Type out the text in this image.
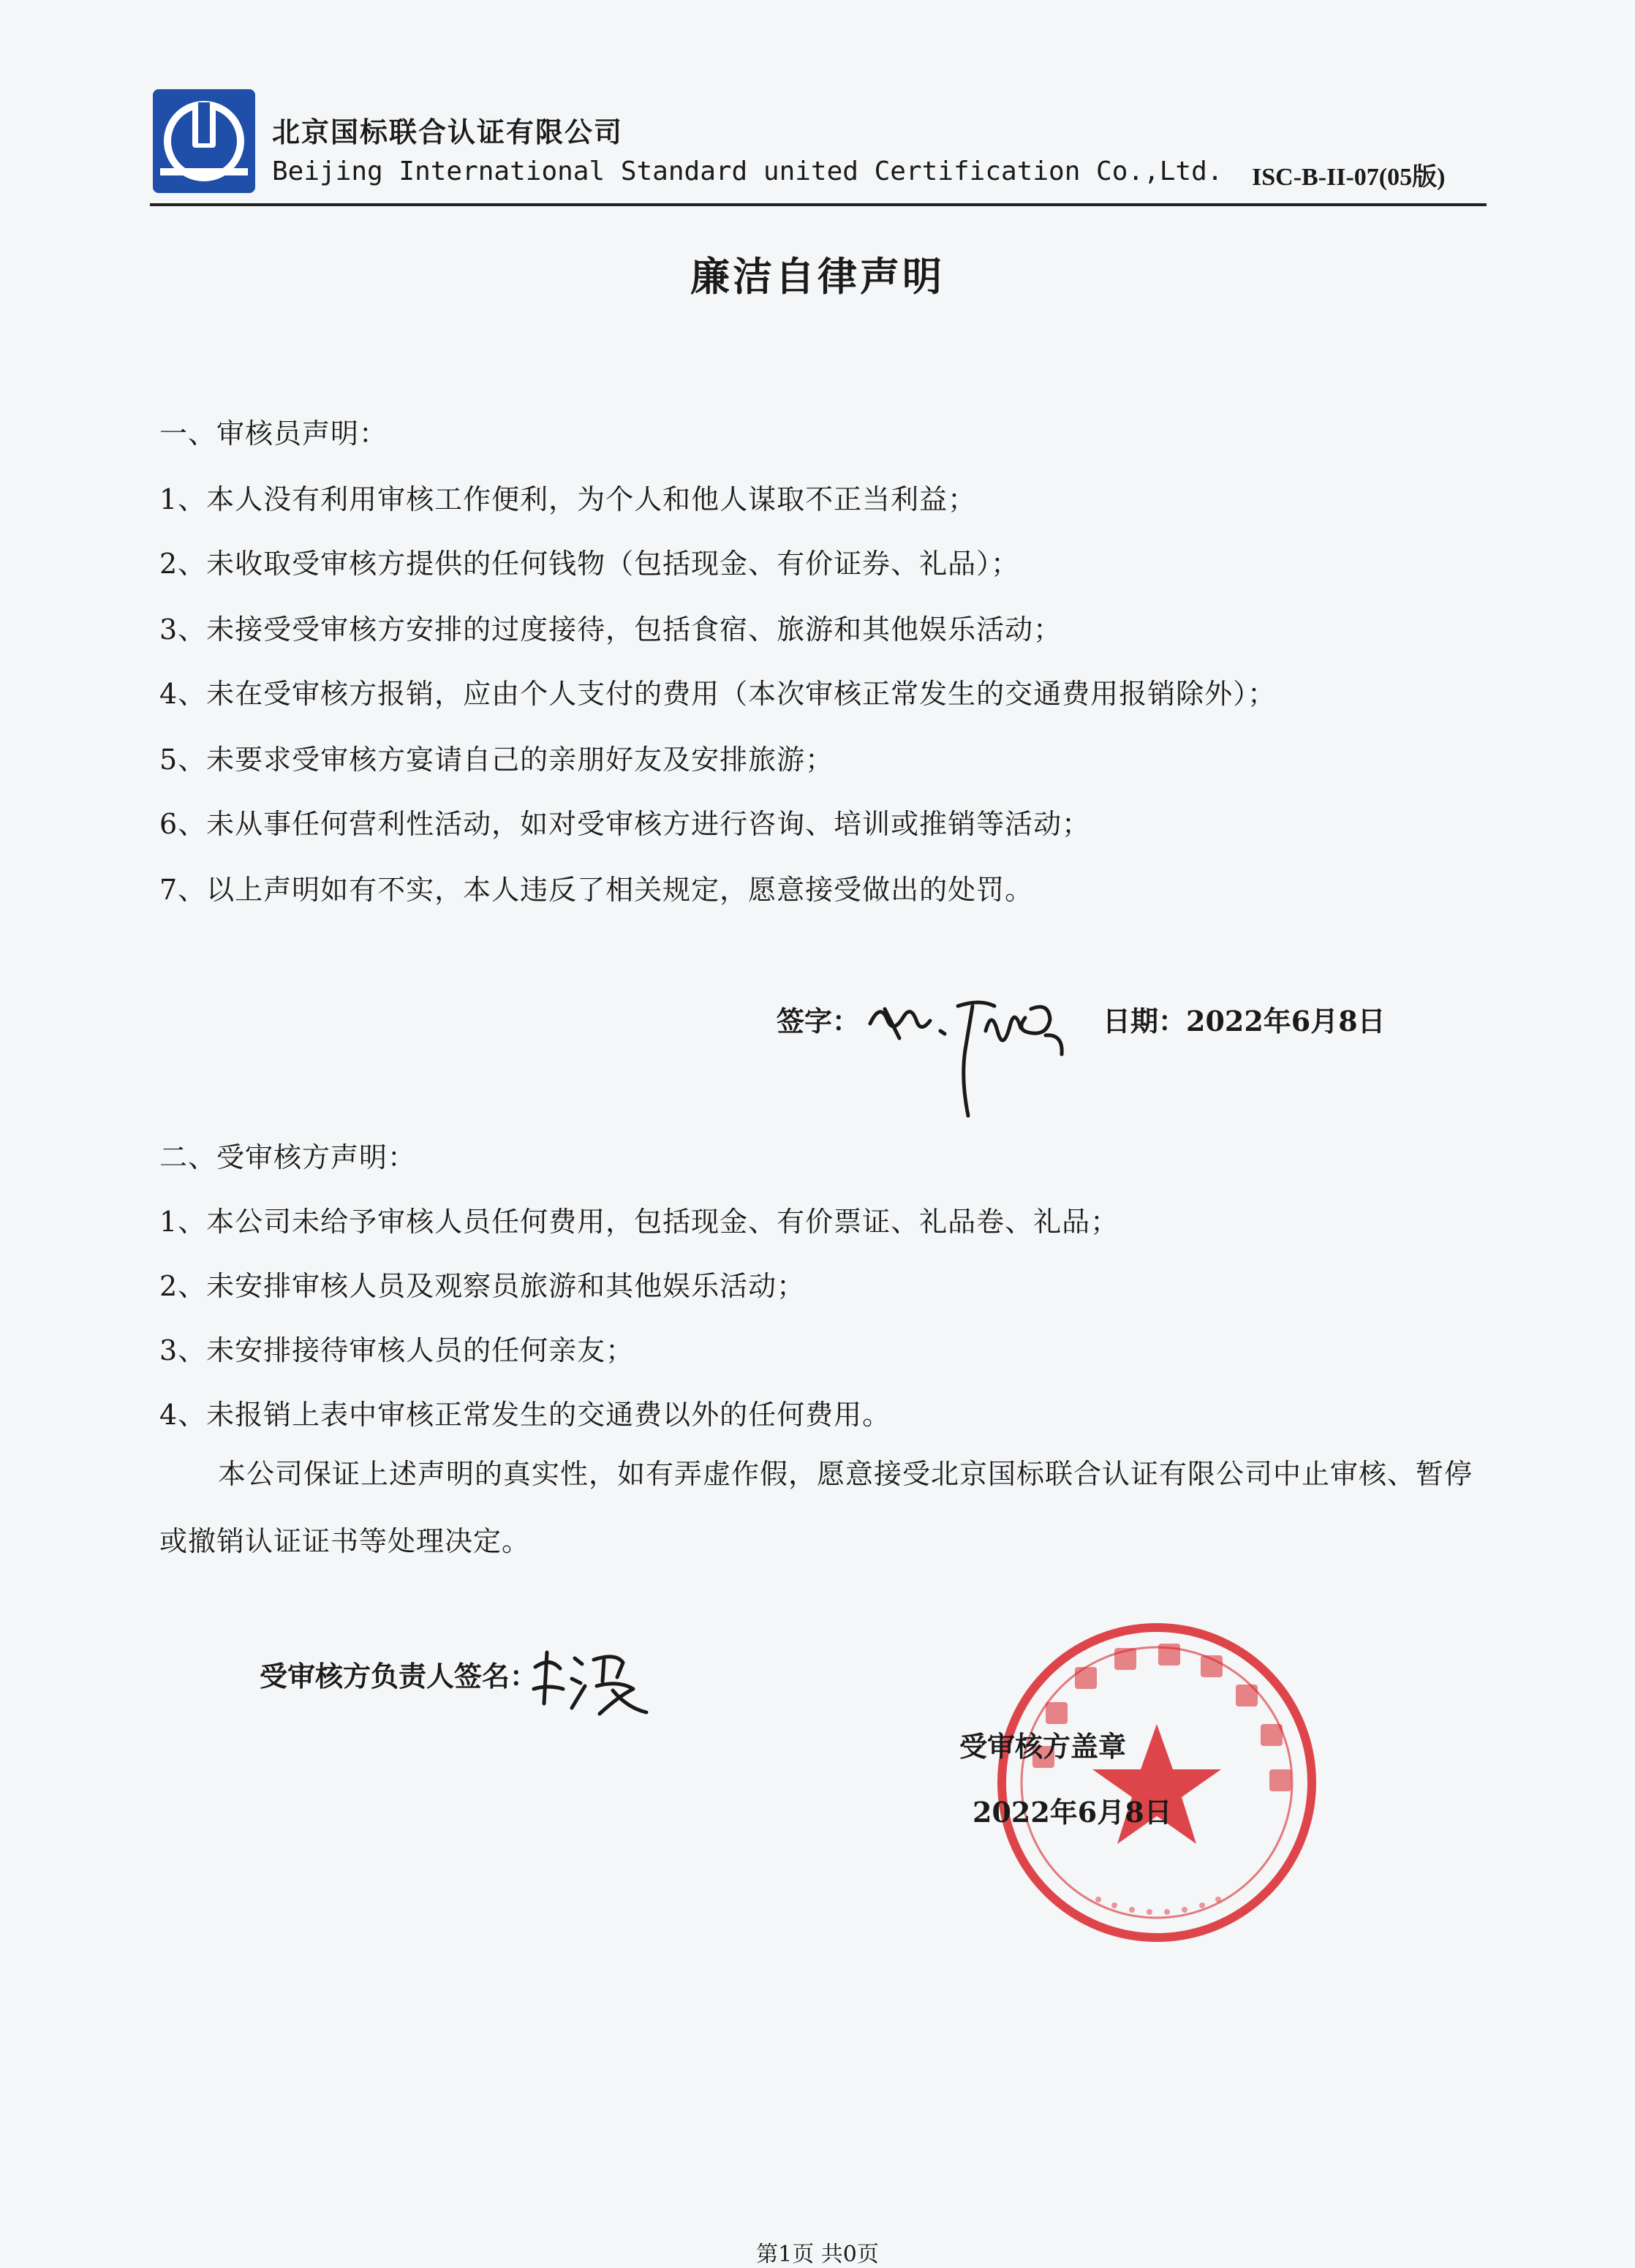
北京国标联合认证有限公司
Beijing International Standard united Certification Co.,Ltd. ISC-B-II-07(05版)
廉洁自律声明
一、审核员声明：
1、本人没有利用审核工作便利，为个人和他人谋取不正当利益；
2、未收取受审核方提供的任何钱物（包括现金、有价证券、礼品）；
3、未接受受审核方安排的过度接待，包括食宿、旅游和其他娱乐活动；
4、未在受审核方报销，应由个人支付的费用（本次审核正常发生的交通费用报销除外）；
5、未要求受审核方宴请自己的亲朋好友及安排旅游；
6、未从事任何营利性活动，如对受审核方进行咨询、培训或推销等活动；
7、以上声明如有不实，本人违反了相关规定，愿意接受做出的处罚。
签字：	日期：2022年6月8日
二、受审核方声明：
1、本公司未给予审核人员任何费用，包括现金、有价票证、礼品卷、礼品；
2、未安排审核人员及观察员旅游和其他娱乐活动；
3、未安排接待审核人员的任何亲友；
4、未报销上表中审核正常发生的交通费以外的任何费用。
本公司保证上述声明的真实性，如有弄虚作假，愿意接受北京国标联合认证有限公司中止审核、暂停或撤销认证证书等处理决定。
受审核方负责人签名：
受审核方盖章
2022年6月8日
第1页 共0页
